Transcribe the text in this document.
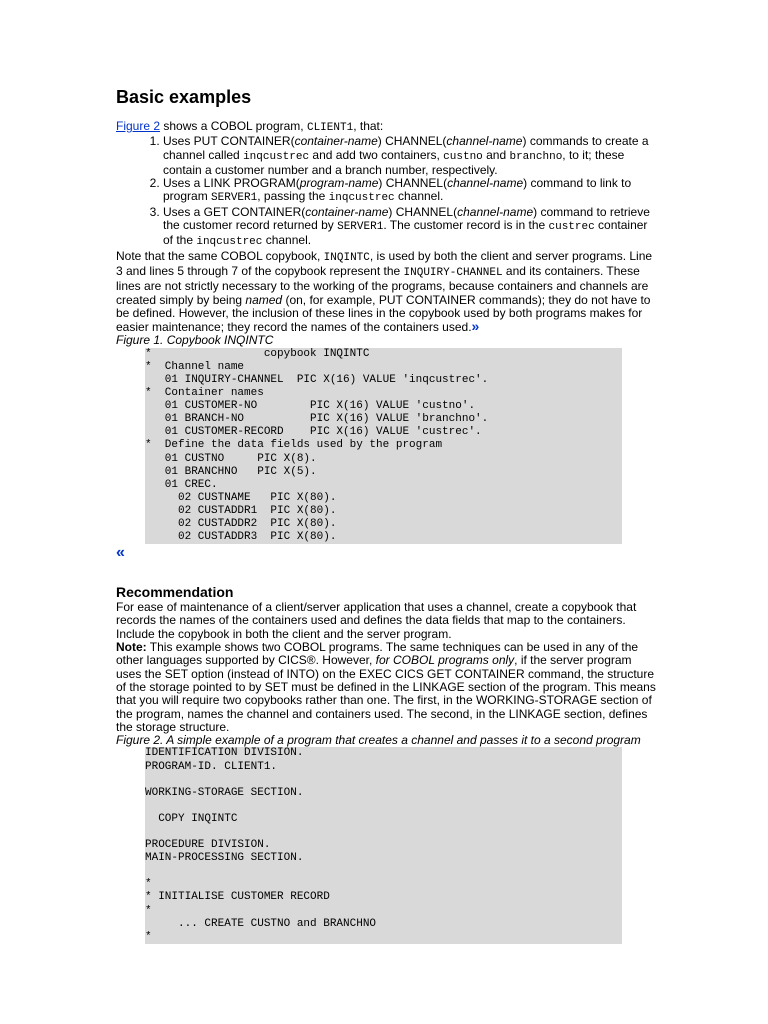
Basic examples

Figure 2 shows a COBOL program, CLIENT1, that:

1. Uses PUT CONTAINER(container-name) CHANNEL(channel-name) commands to create a channel called inqcustrec and add two containers, custno and branchno, to it; these contain a customer number and a branch number, respectively.
2. Uses a LINK PROGRAM(program-name) CHANNEL(channel-name) command to link to program SERVER1, passing the inqcustrec channel.
3. Uses a GET CONTAINER(container-name) CHANNEL(channel-name) command to retrieve the customer record returned by SERVER1. The customer record is in the custrec container of the inqcustrec channel.

Note that the same COBOL copybook, INQINTC, is used by both the client and server programs. Line 3 and lines 5 through 7 of the copybook represent the INQUIRY-CHANNEL and its containers. These lines are not strictly necessary to the working of the programs, because containers and channels are created simply by being named (on, for example, PUT CONTAINER commands); they do not have to be defined. However, the inclusion of these lines in the copybook used by both programs makes for easier maintenance; they record the names of the containers used.»

Figure 1. Copybook INQINTC

*                 copybook INQINTC
*  Channel name
01 INQUIRY-CHANNEL  PIC X(16) VALUE 'inqcustrec'.
*  Container names
01 CUSTOMER-NO        PIC X(16) VALUE 'custno'.
01 BRANCH-NO          PIC X(16) VALUE 'branchno'.
01 CUSTOMER-RECORD    PIC X(16) VALUE 'custrec'.
*  Define the data fields used by the program
01 CUSTNO     PIC X(8).
01 BRANCHNO   PIC X(5).
01 CREC.
02 CUSTNAME   PIC X(80).
02 CUSTADDR1  PIC X(80).
02 CUSTADDR2  PIC X(80).
02 CUSTADDR3  PIC X(80).

«

Recommendation

For ease of maintenance of a client/server application that uses a channel, create a copybook that records the names of the containers used and defines the data fields that map to the containers. Include the copybook in both the client and the server program.

Note: This example shows two COBOL programs. The same techniques can be used in any of the other languages supported by CICS®. However, for COBOL programs only, if the server program uses the SET option (instead of INTO) on the EXEC CICS GET CONTAINER command, the structure of the storage pointed to by SET must be defined in the LINKAGE section of the program. This means that you will require two copybooks rather than one. The first, in the WORKING-STORAGE section of the program, names the channel and containers used. The second, in the LINKAGE section, defines the storage structure.

Figure 2. A simple example of a program that creates a channel and passes it to a second program

IDENTIFICATION DIVISION.
PROGRAM-ID. CLIENT1.

WORKING-STORAGE SECTION.

COPY INQINTC

PROCEDURE DIVISION.
MAIN-PROCESSING SECTION.

*
* INITIALISE CUSTOMER RECORD
*
... CREATE CUSTNO and BRANCHNO
*
